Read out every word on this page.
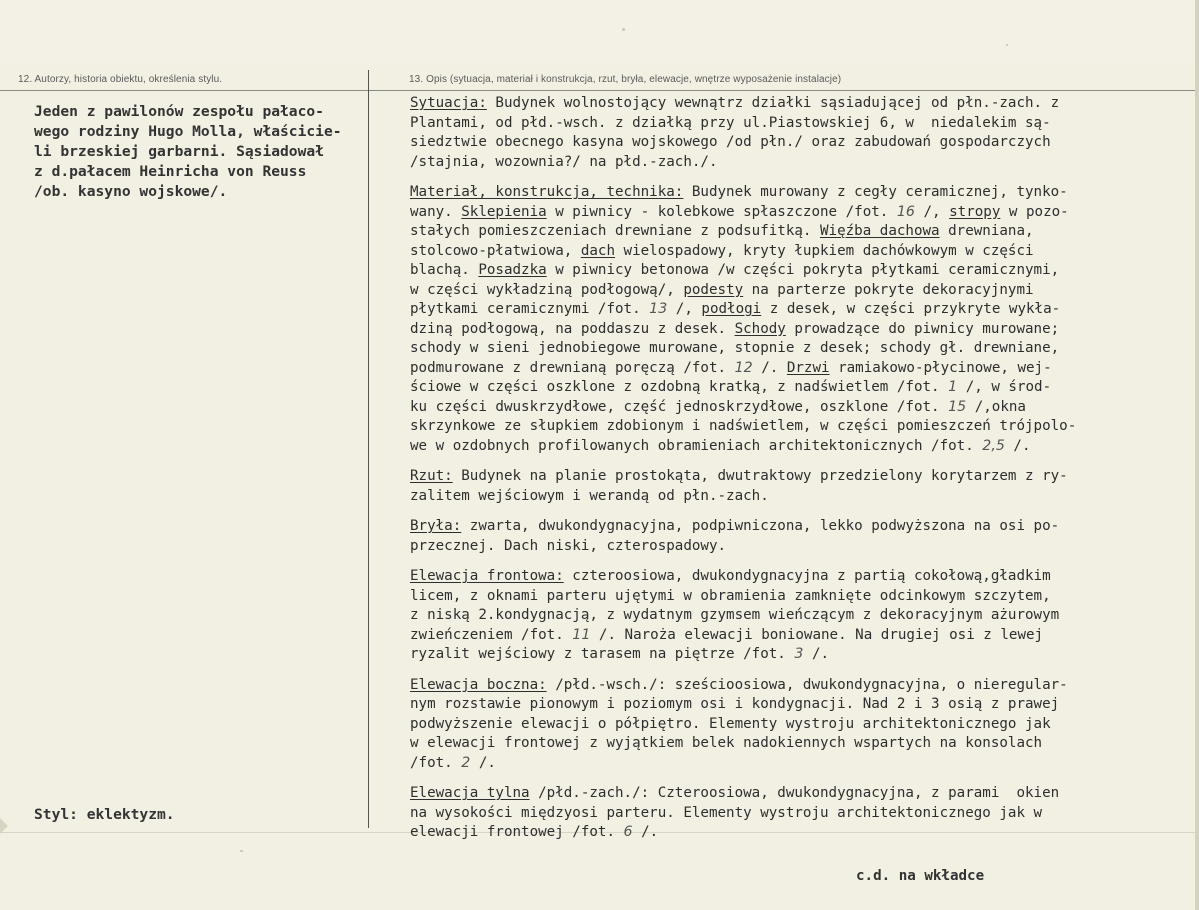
12. Autorzy, historia obiektu, określenia stylu.	13. Opis (sytuacja, materiał i konstrukcja, rzut, bryła, elewacje, wnętrze wyposażenie instalacje)
Jeden z pawilonów zespołu pałaco-
wego rodziny Hugo Molla, właścicie-
li brzeskiej garbarni. Sąsiadował
z d.pałacem Heinricha von Reuss
/ob. kasyno wojskowe/.
Styl: eklektyzm.
Sytuacja: Budynek wolnostojący wewnątrz działki sąsiadującej od płn.-zach. z
Plantami, od płd.-wsch. z działką przy ul.Piastowskiej 6, w  niedalekim są-
siedztwie obecnego kasyna wojskowego /od płn./ oraz zabudowań gospodarczych
/stajnia, wozownia?/ na płd.-zach./.
Materiał, konstrukcja, technika: Budynek murowany z cegły ceramicznej, tynko-
wany. Sklepienia w piwnicy - kolebkowe spłaszczone /fot. 16 /, stropy w pozo-
stałych pomieszczeniach drewniane z podsufitką. Więźba dachowa drewniana,
stolcowo-płatwiowa, dach wielospadowy, kryty łupkiem dachówkowym w części
blachą. Posadzka w piwnicy betonowa /w części pokryta płytkami ceramicznymi,
w części wykładziną podłogową/, podesty na parterze pokryte dekoracyjnymi
płytkami ceramicznymi /fot. 13 /, podłogi z desek, w części przykryte wykła-
dziną podłogową, na poddaszu z desek. Schody prowadzące do piwnicy murowane;
schody w sieni jednobiegowe murowane, stopnie z desek; schody gł. drewniane,
podmurowane z drewnianą poręczą /fot. 12 /. Drzwi ramiakowo-płycinowe, wej-
ściowe w części oszklone z ozdobną kratką, z nadświetlem /fot. 1 /, w środ-
ku części dwuskrzydłowe, część jednoskrzydłowe, oszklone /fot. 15 /,okna
skrzynkowe ze słupkiem zdobionym i nadświetlem, w części pomieszczeń trójpolo-
we w ozdobnych profilowanych obramieniach architektonicznych /fot. 2,5 /.
Rzut: Budynek na planie prostokąta, dwutraktowy przedzielony korytarzem z ry-
zalitem wejściowym i werandą od płn.-zach.
Bryła: zwarta, dwukondygnacyjna, podpiwniczona, lekko podwyższona na osi po-
przecznej. Dach niski, czterospadowy.
Elewacja frontowa: czteroosiowa, dwukondygnacyjna z partią cokołową,gładkim
licem, z oknami parteru ujętymi w obramienia zamknięte odcinkowym szczytem,
z niską 2.kondygnacją, z wydatnym gzymsem wieńczącym z dekoracyjnym ażurowym
zwieńczeniem /fot. 11 /. Naroża elewacji boniowane. Na drugiej osi z lewej
ryzalit wejściowy z tarasem na piętrze /fot. 3 /.
Elewacja boczna: /płd.-wsch./: sześcioosiowa, dwukondygnacyjna, o nieregular-
nym rozstawie pionowym i poziomym osi i kondygnacji. Nad 2 i 3 osią z prawej
podwyższenie elewacji o półpiętro. Elementy wystroju architektonicznego jak
w elewacji frontowej z wyjątkiem belek nadokiennych wspartych na konsolach
/fot. 2 /.
Elewacja tylna /płd.-zach./: Czteroosiowa, dwukondygnacyjna, z parami  okien
na wysokości międzyosi parteru. Elementy wystroju architektonicznego jak w
elewacji frontowej /fot. 6 /.
c.d. na wkładce
